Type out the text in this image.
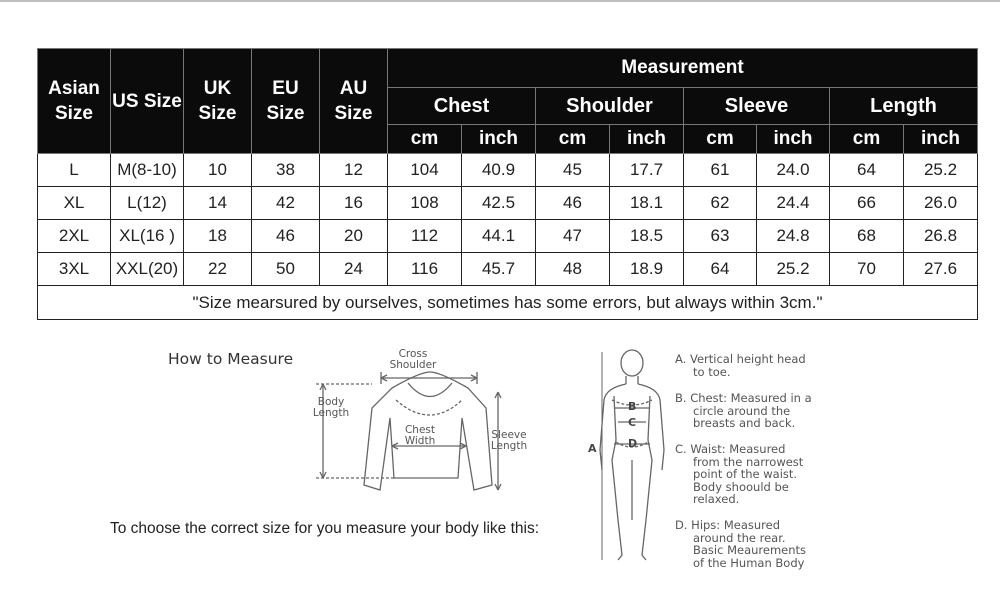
Asian Size	US Size	UK Size	EU Size	AU Size	Measurement							
					Chest		Shoulder		Sleeve		Length	
					cm	inch	cm	inch	cm	inch	cm	inch
L	M(8-10)	10	38	12	104	40.9	45	17.7	61	24.0	64	25.2
XL	L(12)	14	42	16	108	42.5	46	18.1	62	24.4	66	26.0
2XL	XL(16 )	18	46	20	112	44.1	47	18.5	63	24.8	68	26.8
3XL	XXL(20)	22	50	24	116	45.7	48	18.9	64	25.2	70	27.6
"Size mearsured by ourselves, sometimes has some errors, but always within 3cm."												
How to Measure	Cross
Shoulder
Body
Length
Chest
Width	Sleeve
Length
To choose the correct size for you measure your body like this:
A
B
C
D
A. Vertical height head
to toe.
B. Chest: Measured in a
circle around the
breasts and back.
C. Waist: Measured
from the narrowest
point of the waist.
Body shoould be
relaxed.
D. Hips: Measured
around the rear.
Basic Meaurements
of the Human Body
